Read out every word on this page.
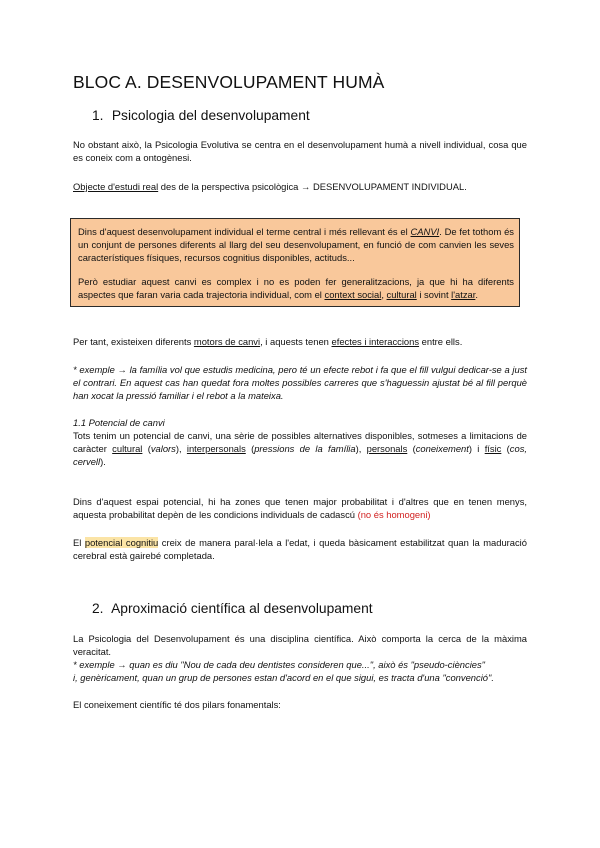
BLOC A. DESENVOLUPAMENT HUMÀ
1. Psicologia del desenvolupament

No obstant això, la Psicologia Evolutiva se centra en el desenvolupament humà a nivell individual, cosa que es coneix com a ontogènesi.

Objecte d'estudi real des de la perspectiva psicològica → DESENVOLUPAMENT INDIVIDUAL.

Dins d'aquest desenvolupament individual el terme central i més rellevant és el CANVI. De fet tothom és un conjunt de persones diferents al llarg del seu desenvolupament, en funció de com canvien les seves característiques físiques, recursos cognitius disponibles, actituds...

Però estudiar aquest canvi es complex i no es poden fer generalitzacions, ja que hi ha diferents aspectes que faran varia cada trajectoria individual, com el context social, cultural i sovint l'atzar.

Per tant, existeixen diferents motors de canvi, i aquests tenen efectes i interaccions entre ells.

* exemple → la família vol que estudis medicina, pero té un efecte rebot i fa que el fill vulgui dedicar-se a just el contrari. En aquest cas han quedat fora moltes possibles carreres que s'haguessin ajustat bé al fill perquè han xocat la pressió familiar i el rebot a la mateixa.

1.1 Potencial de canvi

Tots tenim un potencial de canvi, una sèrie de possibles alternatives disponibles, sotmeses a limitacions de caràcter cultural (valors), interpersonals (pressions de la família), personals (coneixement) i físic (cos, cervell).

Dins d'aquest espai potencial, hi ha zones que tenen major probabilitat i d'altres que en tenen menys, aquesta probabilitat depèn de les condicions individuals de cadascú (no és homogeni)

El potencial cognitiu creix de manera paral·lela a l'edat, i queda bàsicament estabilitzat quan la maduració cerebral està gairebé completada.

2. Aproximació científica al desenvolupament

La Psicologia del Desenvolupament és una disciplina científica. Això comporta la cerca de la màxima veracitat.

* exemple → quan es diu "Nou de cada deu dentistes consideren que...", això és "pseudo-ciències"

i, genèricament, quan un grup de persones estan d'acord en el que sigui, es tracta d'una "convenció".

El coneixement científic té dos pilars fonamentals:
